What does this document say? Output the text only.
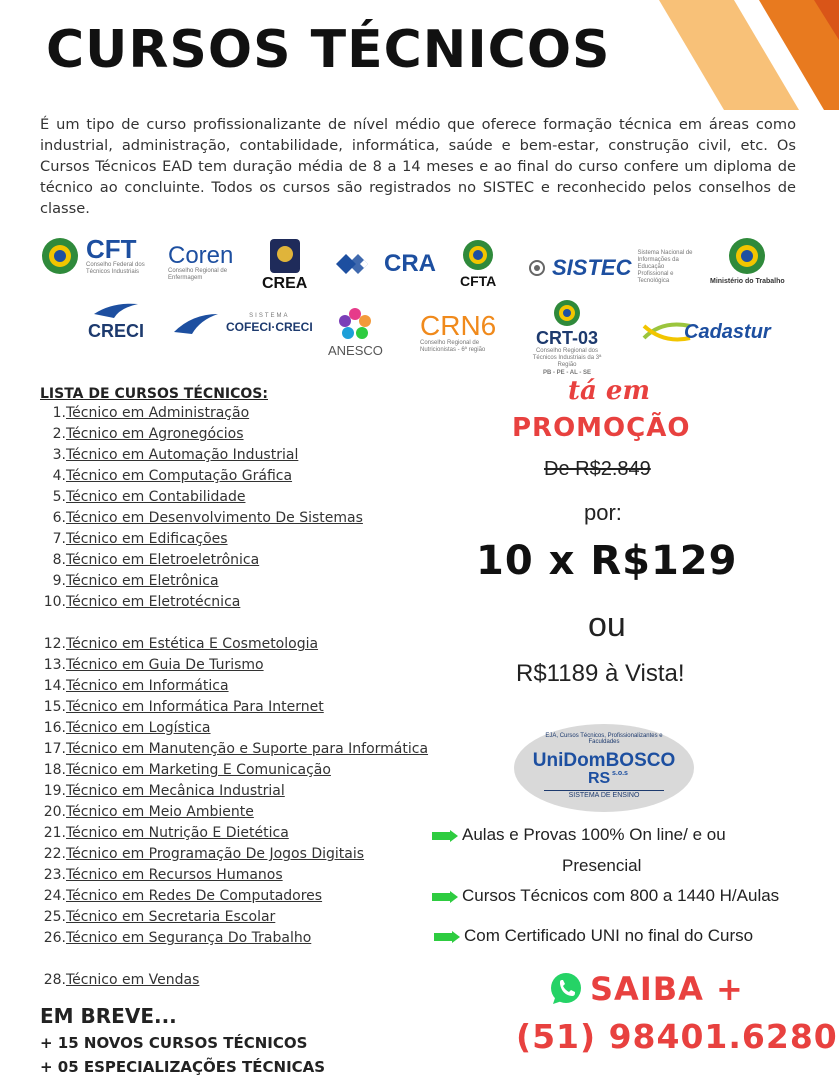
CURSOS TÉCNICOS
É um tipo de curso profissionalizante de nível médio que oferece formação técnica em áreas como industrial, administração, contabilidade, informática, saúde e bem-estar, construção civil, etc. Os Cursos Técnicos EAD tem duração média de 8 a 14 meses e ao final do curso confere um diploma de técnico ao concluinte. Todos os cursos são registrados no SISTEC e reconhecido pelos conselhos de classe.
CFT
Conselho Federal dos Técnicos Industriais
Coren
Conselho Regional de Enfermagem	CREA
CRA
CFTA
SISTEC
Sistema Nacional de Informações da Educação Profissional e Tecnológica	Ministério do Trabalho
CRECI
SISTEMA
COFECI·CRECI
ANESCO
CRN6
Conselho Regional de Nutricionistas - 6ª região
CRT-03
Conselho Regional dos Técnicos Industriais da 3ª Região
PB - PE - AL - SE
Cadastur
LISTA DE CURSOS TÉCNICOS:
1.Técnico em Administração
2.Técnico em Agronegócios
3.Técnico em Automação Industrial
4.Técnico em Computação Gráfica
5.Técnico em Contabilidade
6.Técnico em Desenvolvimento De Sistemas
7.Técnico em Edificações
8.Técnico em Eletroeletrônica
9.Técnico em Eletrônica
10.Técnico em Eletrotécnica
12.Técnico em Estética E Cosmetologia
13.Técnico em Guia De Turismo
14.Técnico em Informática
15.Técnico em Informática Para Internet
16.Técnico em Logística
17.Técnico em Manutenção e Suporte para Informática
18.Técnico em Marketing E Comunicação
19.Técnico em Mecânica Industrial
20.Técnico em Meio Ambiente
21.Técnico em Nutrição E Dietética
22.Técnico em Programação De Jogos Digitais
23.Técnico em Recursos Humanos
24.Técnico em Redes De Computadores
25.Técnico em Secretaria Escolar
26.Técnico em Segurança Do Trabalho
28.Técnico em Vendas
EM BREVE...
+ 15 NOVOS CURSOS TÉCNICOS
+ 05 ESPECIALIZAÇÕES TÉCNICAS
tá em
PROMOÇÃO
De R$2.849
por:
10 x R$129
ou
R$1189 à Vista!
EJA, Cursos Técnicos, Profissionalizantes e Faculdades
UniDomBOSCO
RS s.o.s
SISTEMA DE ENSINO
Aulas e Provas 100% On line/ e ou
Presencial
Cursos Técnicos com 800 a 1440 H/Aulas
Com Certificado UNI no final do Curso
SAIBA +
(51) 98401.6280
